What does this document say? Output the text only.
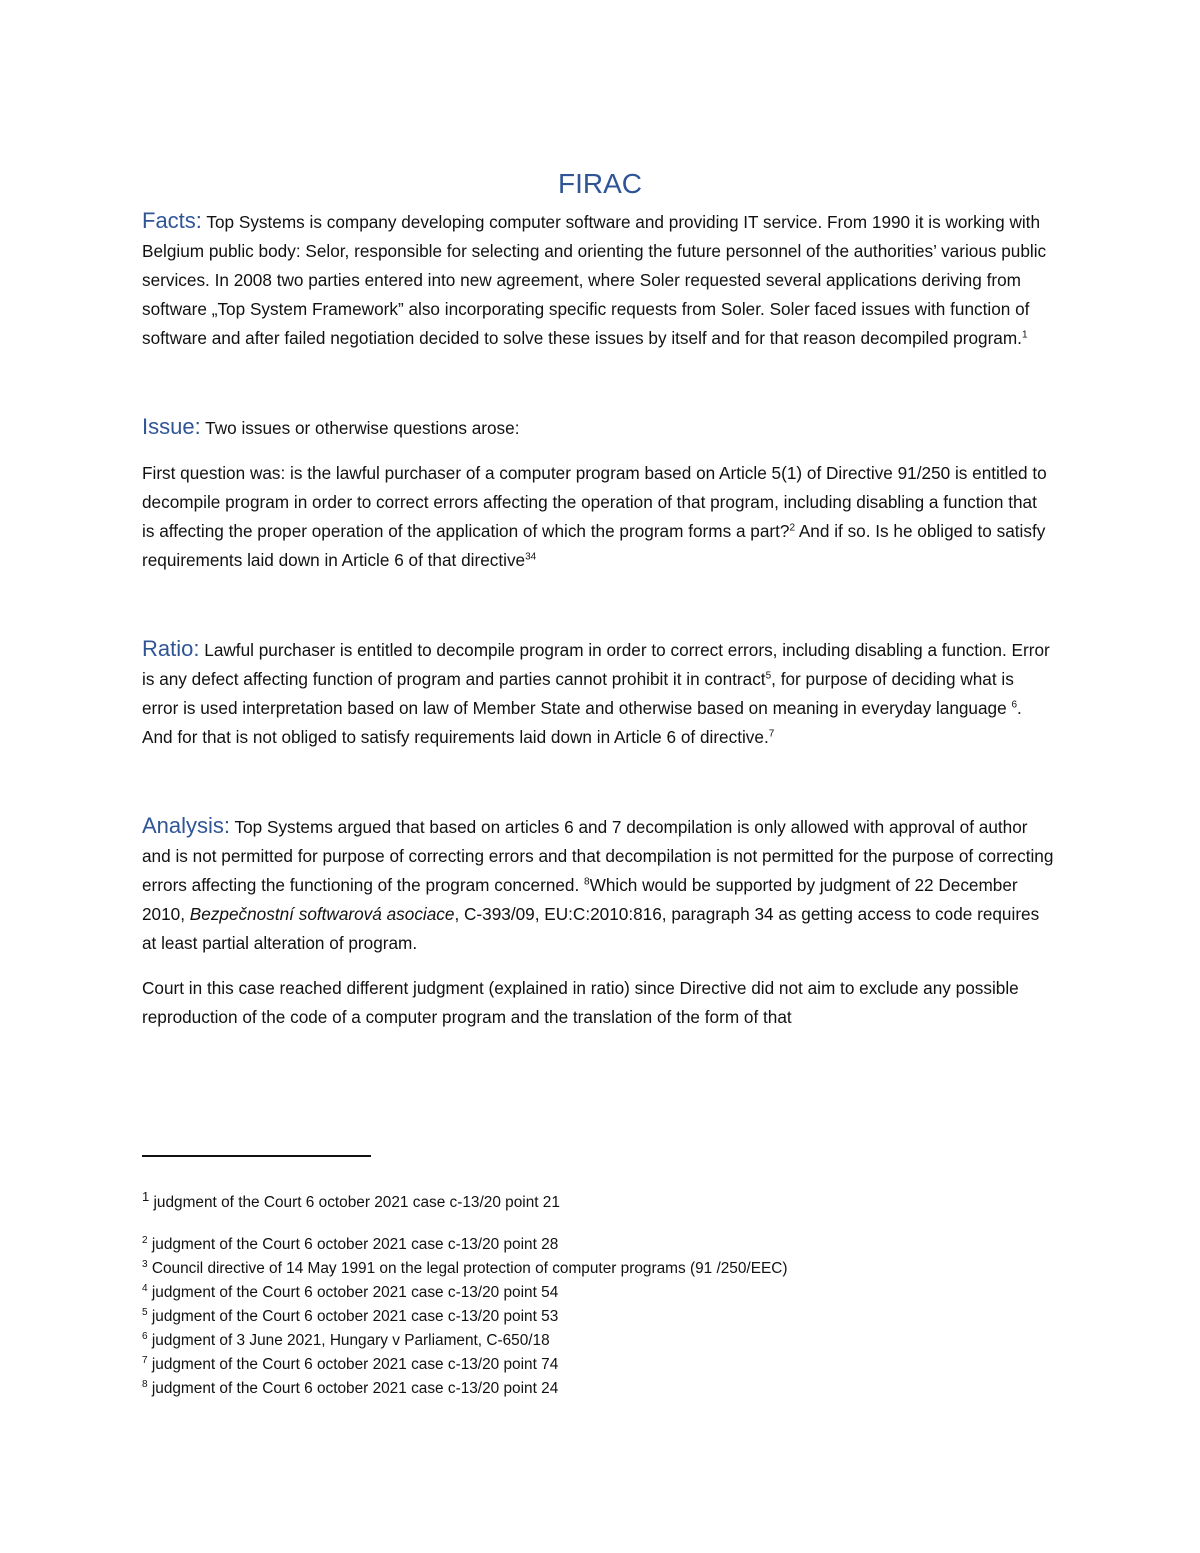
FIRAC

Facts: Top Systems is company developing computer software and providing IT service. From 1990 it is working with Belgium public body: Selor, responsible for selecting and orienting the future personnel of the authorities’ various public services. In 2008 two parties entered into new agreement, where Soler requested several applications deriving from software „Top System Framework” also incorporating specific requests from Soler. Soler faced issues with function of software and after failed negotiation decided to solve these issues by itself and for that reason decompiled program.$^1$

Issue: Two issues or otherwise questions arose:

First question was: is the lawful purchaser of a computer program based on Article 5(1) of Directive 91/250 is entitled to decompile program in order to correct errors affecting the operation of that program, including disabling a function that is affecting the proper operation of the application of which the program forms a part?$^2$ And if so. Is he obliged to satisfy requirements laid down in Article 6 of that directive$^{34}$

Ratio: Lawful purchaser is entitled to decompile program in order to correct errors, including disabling a function. Error is any defect affecting function of program and parties cannot prohibit it in contract$^5$, for purpose of deciding what is error is used interpretation based on law of Member State and otherwise based on meaning in everyday language $^6$. And for that is not obliged to satisfy requirements laid down in Article 6 of directive.$^7$

Analysis: Top Systems argued that based on articles 6 and 7 decompilation is only allowed with approval of author and is not permitted for purpose of correcting errors and that decompilation is not permitted for the purpose of correcting errors affecting the functioning of the program concerned. $^8$Which would be supported by judgment of 22 December 2010, Bezpečnostní softwarová asociace, C-393/09, EU:C:2010:816, paragraph 34 as getting access to code requires at least partial alteration of program.

Court in this case reached different judgment (explained in ratio) since Directive did not aim to exclude any possible reproduction of the code of a computer program and the translation of the form of that

$^1$ judgment of the Court 6 october 2021 case c-13/20 point 21

$^2$ judgment of the Court 6 october 2021 case c-13/20 point 28

$^3$ Council directive of 14 May 1991 on the legal protection of computer programs (91 /250/EEC)

$^4$ judgment of the Court 6 october 2021 case c-13/20 point 54

$^5$ judgment of the Court 6 october 2021 case c-13/20 point 53

$^6$ judgment of 3 June 2021, Hungary v Parliament, C-650/18

$^7$ judgment of the Court 6 october 2021 case c-13/20 point 74

$^8$ judgment of the Court 6 october 2021 case c-13/20 point 24
